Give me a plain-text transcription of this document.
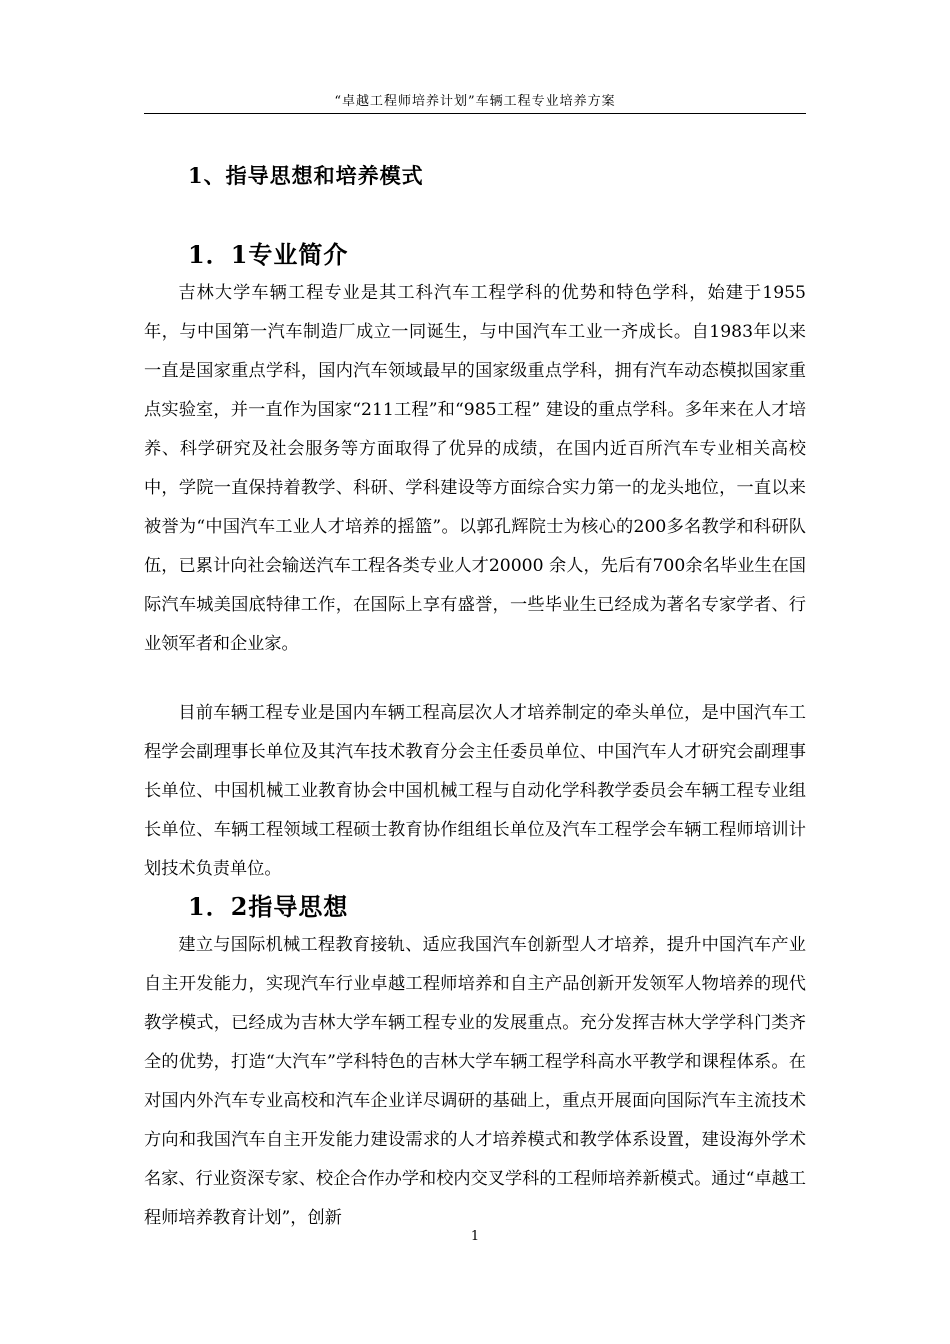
“卓越工程师培养计划”车辆工程专业培养方案
1、指导思想和培养模式
1．1专业简介

吉林大学车辆工程专业是其工科汽车工程学科的优势和特色学科，始建于1955年，与中国第一汽车制造厂成立一同诞生，与中国汽车工业一齐成长。自1983年以来一直是国家重点学科，国内汽车领域最早的国家级重点学科，拥有汽车动态模拟国家重点实验室，并一直作为国家“211工程”和“985工程” 建设的重点学科。多年来在人才培养、科学研究及社会服务等方面取得了优异的成绩，在国内近百所汽车专业相关高校中，学院一直保持着教学、科研、学科建设等方面综合实力第一的龙头地位，一直以来被誉为“中国汽车工业人才培养的摇篮”。以郭孔辉院士为核心的200多名教学和科研队伍，已累计向社会输送汽车工程各类专业人才20000 余人，先后有700余名毕业生在国际汽车城美国底特律工作，在国际上享有盛誉，一些毕业生已经成为著名专家学者、行业领军者和企业家。

目前车辆工程专业是国内车辆工程高层次人才培养制定的牵头单位，是中国汽车工程学会副理事长单位及其汽车技术教育分会主任委员单位、中国汽车人才研究会副理事长单位、中国机械工业教育协会中国机械工程与自动化学科教学委员会车辆工程专业组长单位、车辆工程领域工程硕士教育协作组组长单位及汽车工程学会车辆工程师培训计划技术负责单位。

1．2指导思想

建立与国际机械工程教育接轨、适应我国汽车创新型人才培养，提升中国汽车产业自主开发能力，实现汽车行业卓越工程师培养和自主产品创新开发领军人物培养的现代教学模式，已经成为吉林大学车辆工程专业的发展重点。充分发挥吉林大学学科门类齐全的优势，打造“大汽车”学科特色的吉林大学车辆工程学科高水平教学和课程体系。在对国内外汽车专业高校和汽车企业详尽调研的基础上，重点开展面向国际汽车主流技术方向和我国汽车自主开发能力建设需求的人才培养模式和教学体系设置，建设海外学术名家、行业资深专家、校企合作办学和校内交叉学科的工程师培养新模式。通过“卓越工程师培养教育计划”，创新

1
